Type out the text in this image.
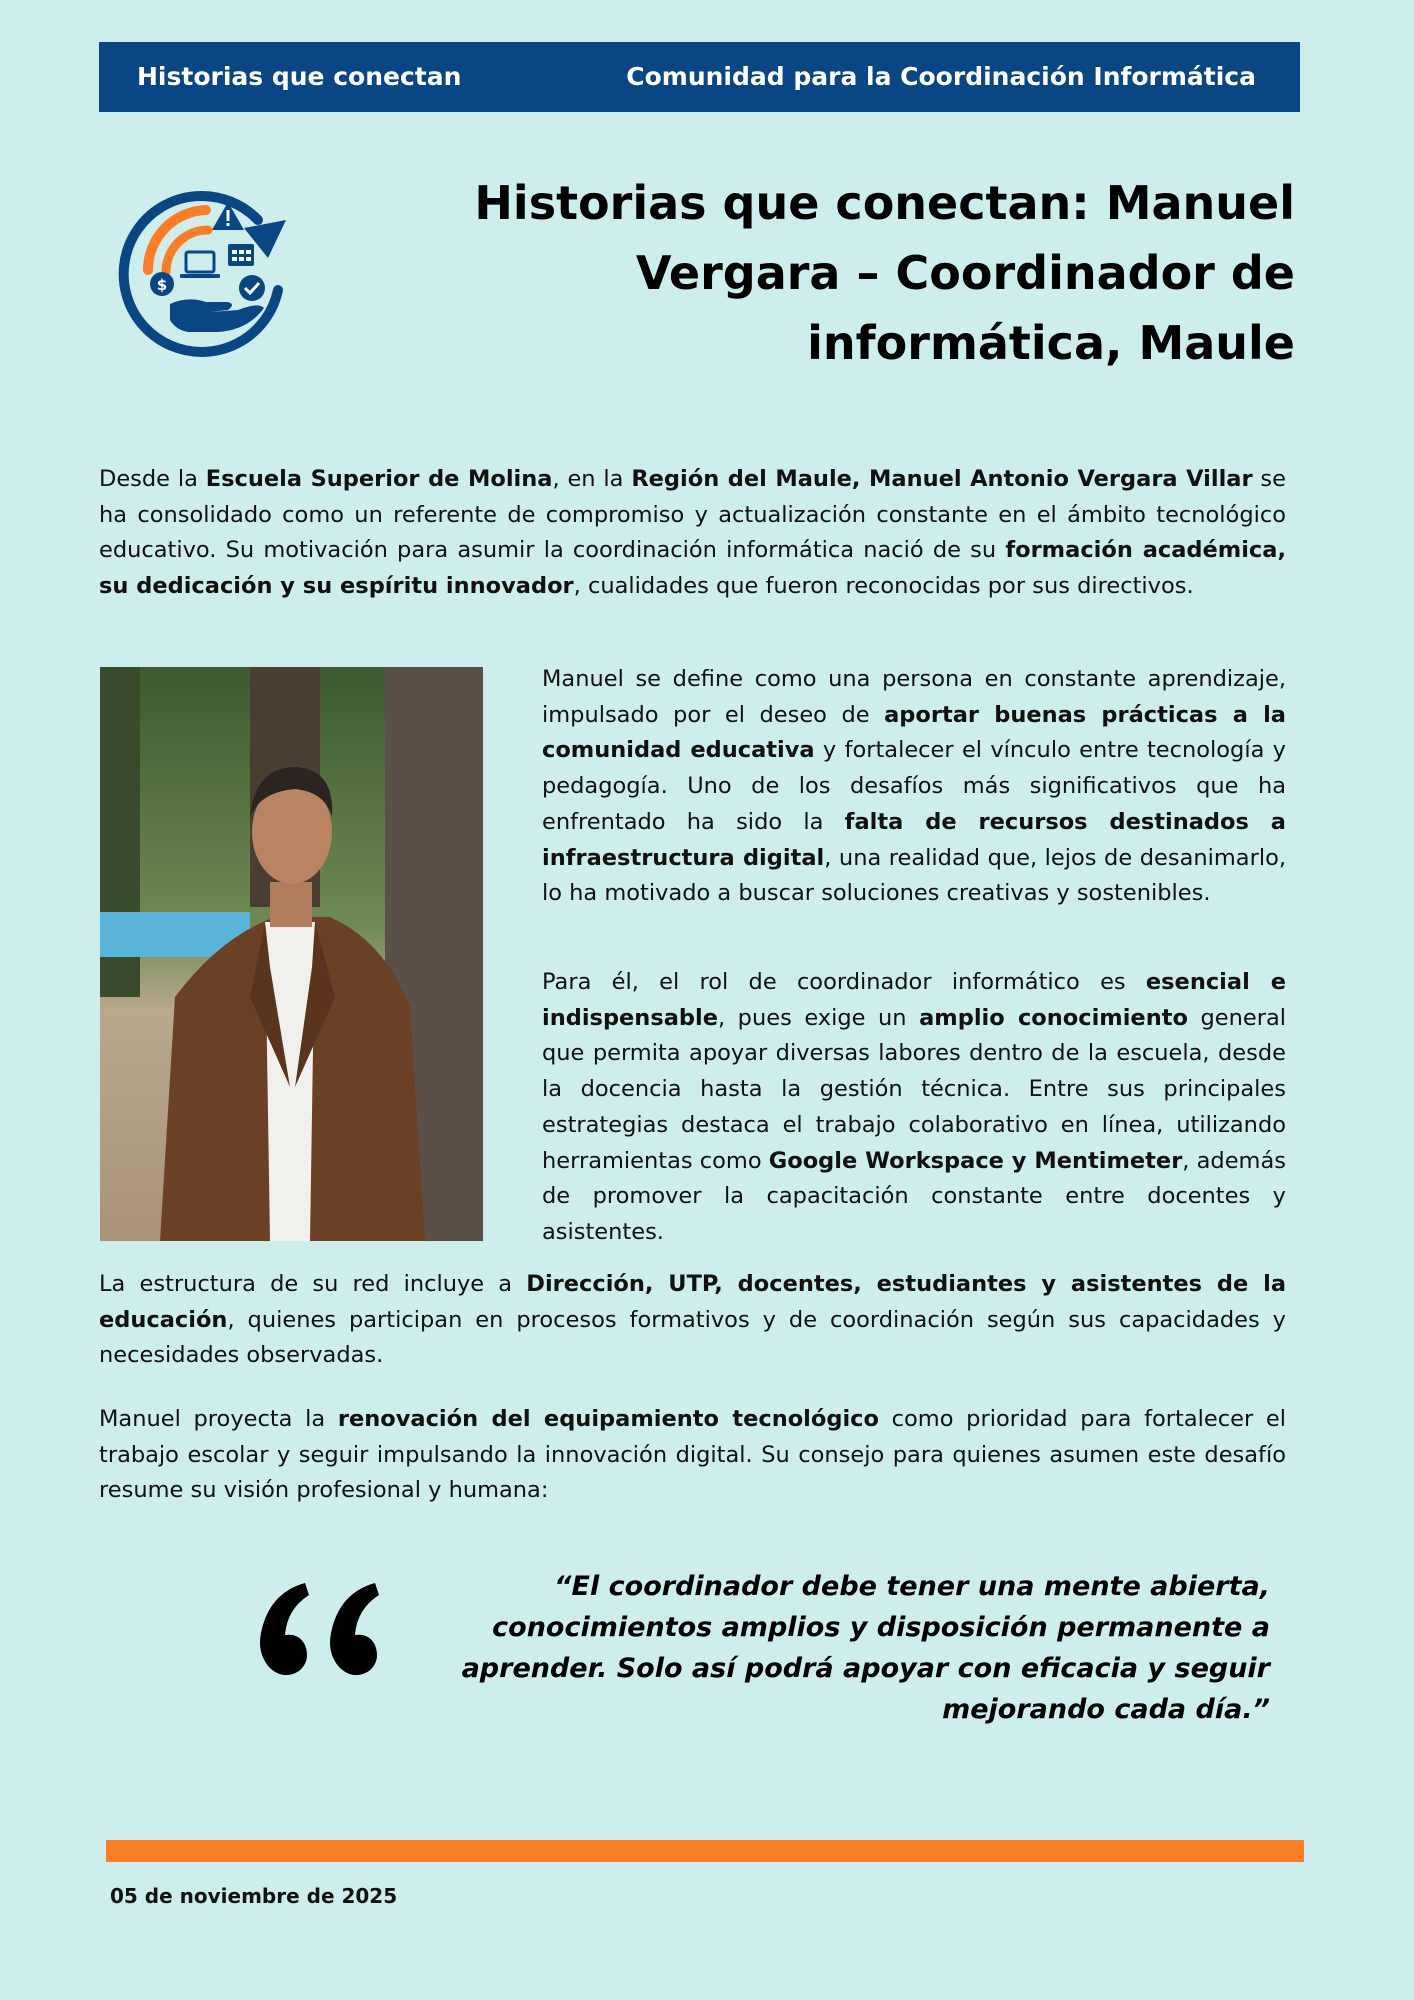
Historias que conectan	Comunidad para la Coordinación Informática
$
Historias que conectan: Manuel Vergara – Coordinador de informática, Maule

Desde la Escuela Superior de Molina, en la Región del Maule, Manuel Antonio Vergara Villar se ha consolidado como un referente de compromiso y actualización constante en el ámbito tecnológico educativo. Su motivación para asumir la coordinación informática nació de su formación académica, su dedicación y su espíritu innovador, cualidades que fueron reconocidas por sus directivos.

Manuel se define como una persona en constante aprendizaje, impulsado por el deseo de aportar buenas prácticas a la comunidad educativa y fortalecer el vínculo entre tecnología y pedagogía. Uno de los desafíos más significativos que ha enfrentado ha sido la falta de recursos destinados a infraestructura digital, una realidad que, lejos de desanimarlo, lo ha motivado a buscar soluciones creativas y sostenibles.

Para él, el rol de coordinador informático es esencial e indispensable, pues exige un amplio conocimiento general que permita apoyar diversas labores dentro de la escuela, desde la docencia hasta la gestión técnica. Entre sus principales estrategias destaca el trabajo colaborativo en línea, utilizando herramientas como Google Workspace y Mentimeter, además de promover la capacitación constante entre docentes y asistentes.

La estructura de su red incluye a Dirección, UTP, docentes, estudiantes y asistentes de la educación, quienes participan en procesos formativos y de coordinación según sus capacidades y necesidades observadas.

Manuel proyecta la renovación del equipamiento tecnológico como prioridad para fortalecer el trabajo escolar y seguir impulsando la innovación digital. Su consejo para quienes asumen este desafío resume su visión profesional y humana:

“El coordinador debe tener una mente abierta, conocimientos amplios y disposición permanente a aprender. Solo así podrá apoyar con eficacia y seguir mejorando cada día.”
05 de noviembre de 2025
